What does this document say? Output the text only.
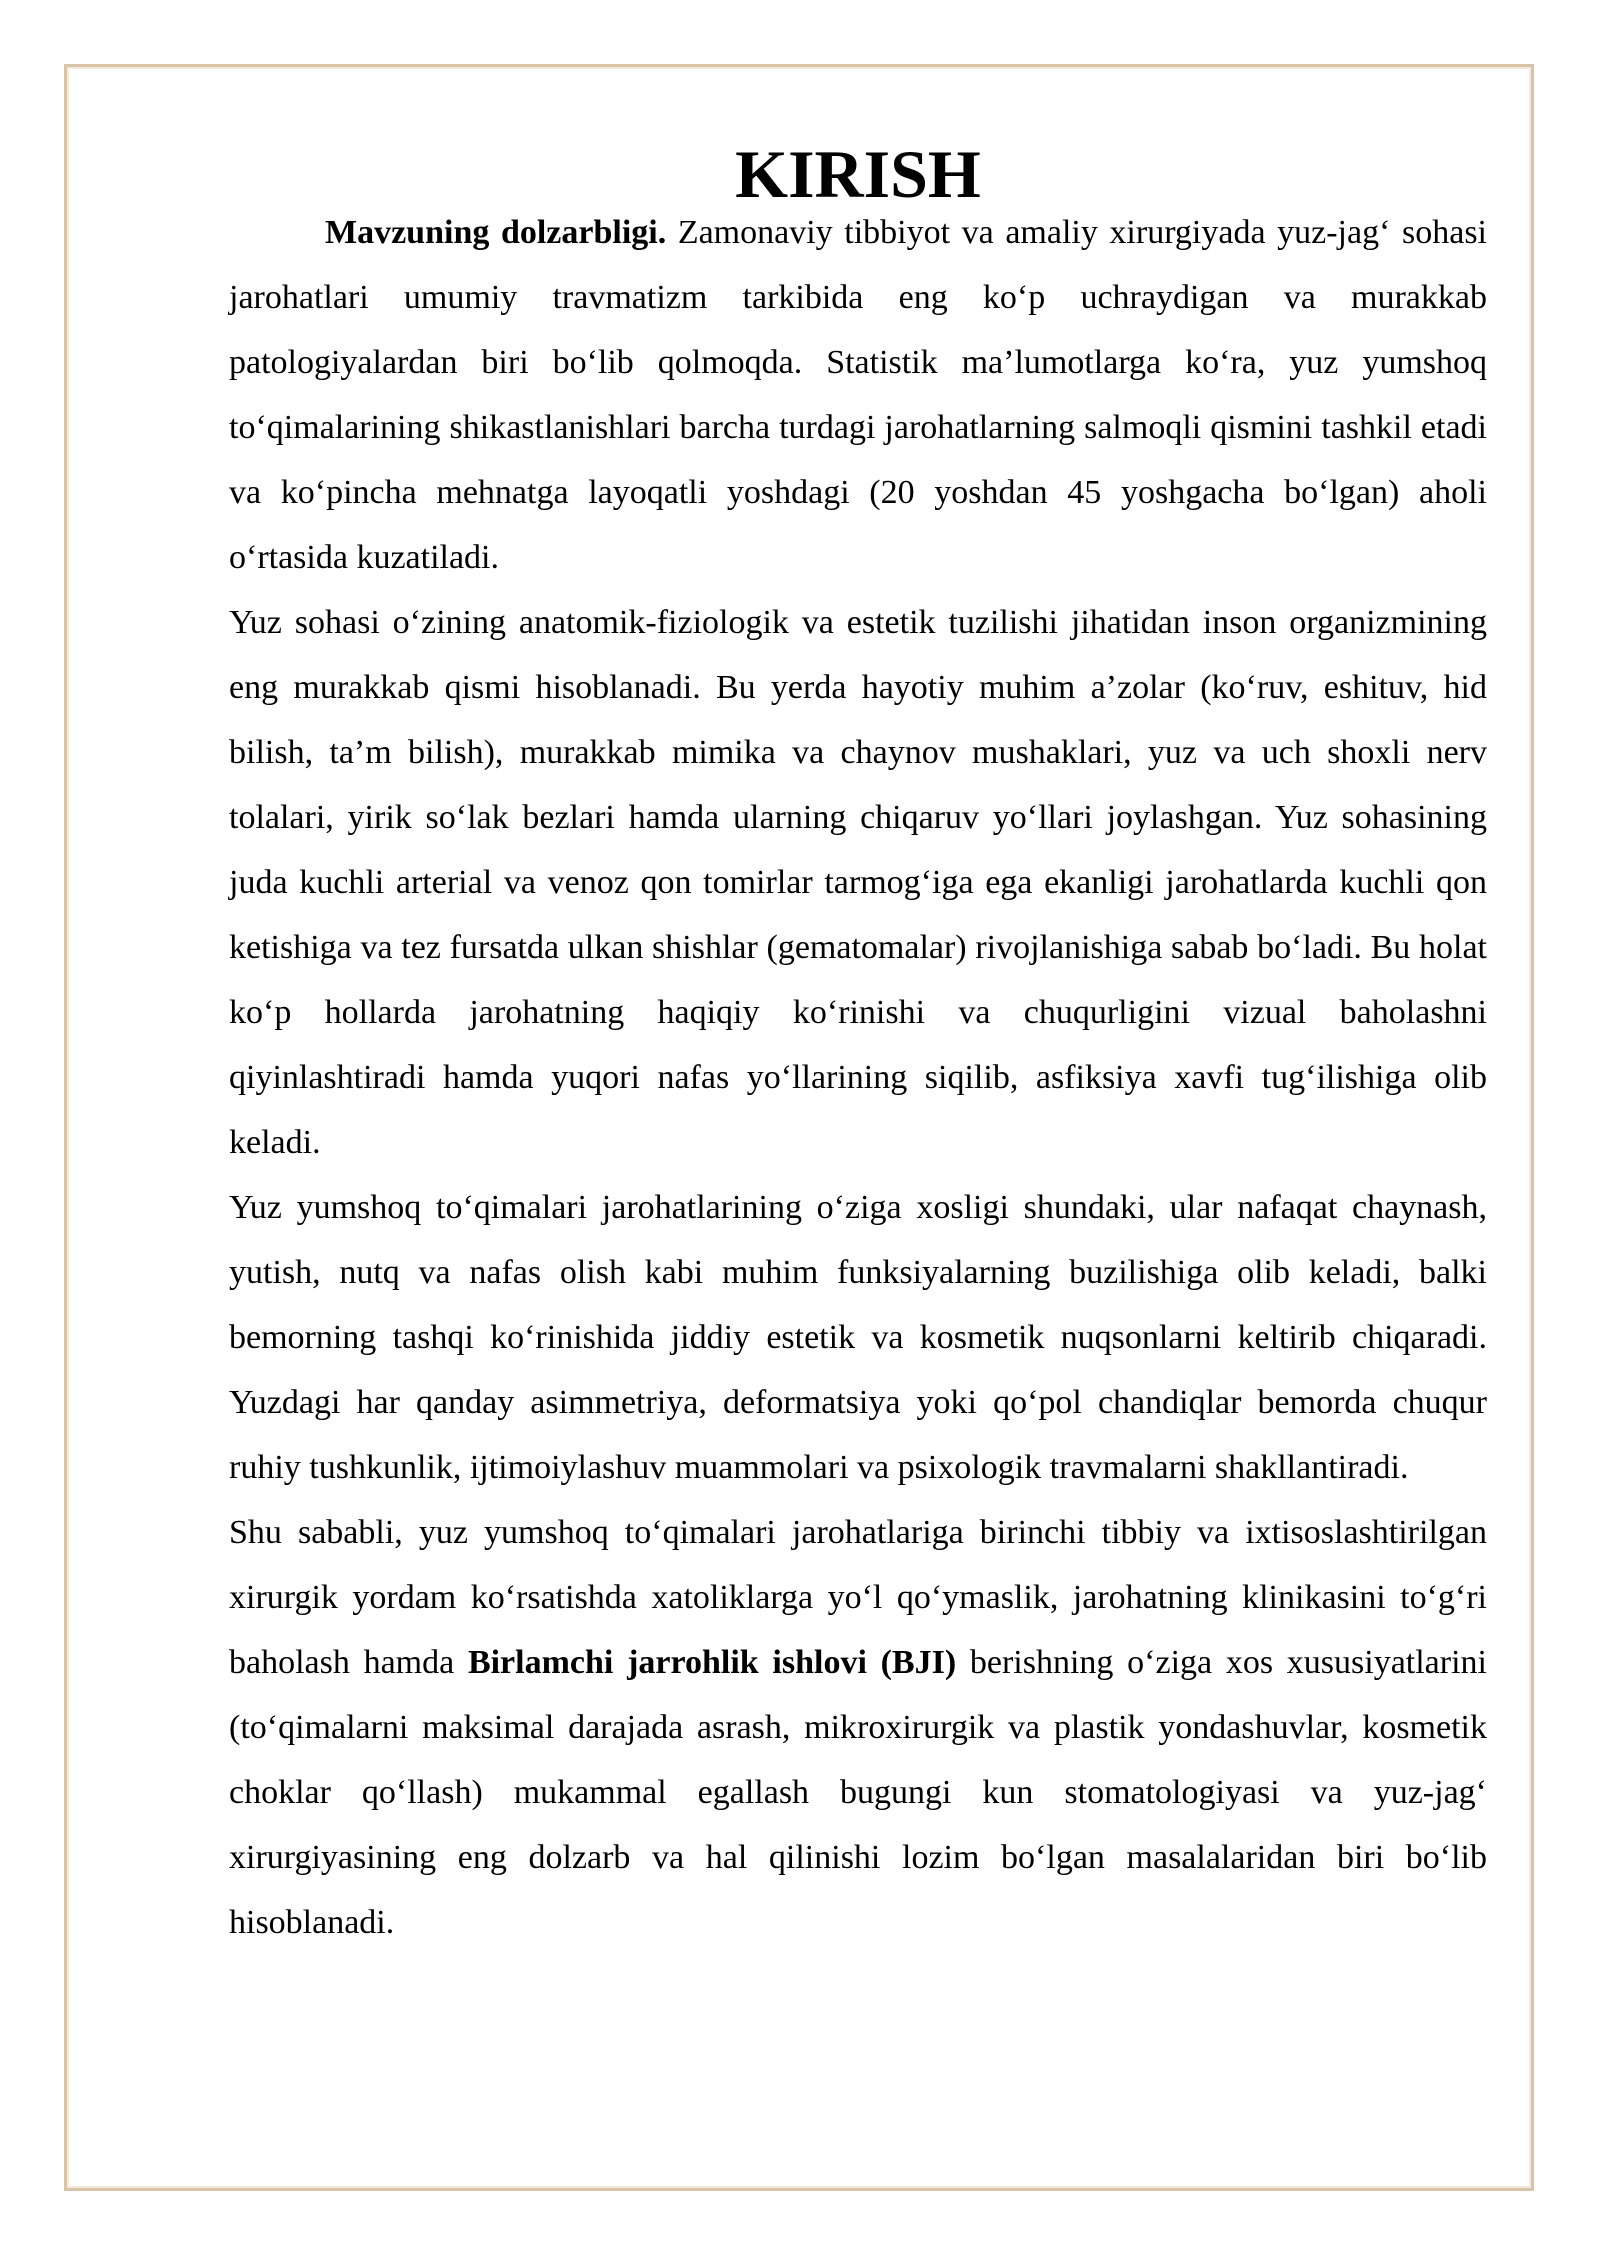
KIRISH

Mavzuning dolzarbligi. Zamonaviy tibbiyot va amaliy xirurgiyada yuz-jag‘ sohasi jarohatlari umumiy travmatizm tarkibida eng ko‘p uchraydigan va murakkab patologiyalardan biri bo‘lib qolmoqda. Statistik ma’lumotlarga ko‘ra, yuz yumshoq to‘qimalarining shikastlanishlari barcha turdagi jarohatlarning salmoqli qismini tashkil etadi va ko‘pincha mehnatga layoqatli yoshdagi (20 yoshdan 45 yoshgacha bo‘lgan) aholi o‘rtasida kuzatiladi.

Yuz sohasi o‘zining anatomik-fiziologik va estetik tuzilishi jihatidan inson organizmining eng murakkab qismi hisoblanadi. Bu yerda hayotiy muhim a’zolar (ko‘ruv, eshituv, hid bilish, ta’m bilish), murakkab mimika va chaynov mushaklari, yuz va uch shoxli nerv tolalari, yirik so‘lak bezlari hamda ularning chiqaruv yo‘llari joylashgan. Yuz sohasining juda kuchli arterial va venoz qon tomirlar tarmog‘iga ega ekanligi jarohatlarda kuchli qon ketishiga va tez fursatda ulkan shishlar (gematomalar) rivojlanishiga sabab bo‘ladi. Bu holat ko‘p hollarda jarohatning haqiqiy ko‘rinishi va chuqurligini vizual baholashni qiyinlashtiradi hamda yuqori nafas yo‘llarining siqilib, asfiksiya xavfi tug‘ilishiga olib keladi.

Yuz yumshoq to‘qimalari jarohatlarining o‘ziga xosligi shundaki, ular nafaqat chaynash, yutish, nutq va nafas olish kabi muhim funksiyalarning buzilishiga olib keladi, balki bemorning tashqi ko‘rinishida jiddiy estetik va kosmetik nuqsonlarni keltirib chiqaradi. Yuzdagi har qanday asimmetriya, deformatsiya yoki qo‘pol chandiqlar bemorda chuqur ruhiy tushkunlik, ijtimoiylashuv muammolari va psixologik travmalarni shakllantiradi.

Shu sababli, yuz yumshoq to‘qimalari jarohatlariga birinchi tibbiy va ixtisoslashtirilgan xirurgik yordam ko‘rsatishda xatoliklarga yo‘l qo‘ymaslik, jarohatning klinikasini to‘g‘ri baholash hamda Birlamchi jarrohlik ishlovi (BJI) berishning o‘ziga xos xususiyatlarini (to‘qimalarni maksimal darajada asrash, mikroxirurgik va plastik yondashuvlar, kosmetik choklar qo‘llash) mukammal egallash bugungi kun stomatologiyasi va yuz-jag‘ xirurgiyasining eng dolzarb va hal qilinishi lozim bo‘lgan masalalaridan biri bo‘lib hisoblanadi.
